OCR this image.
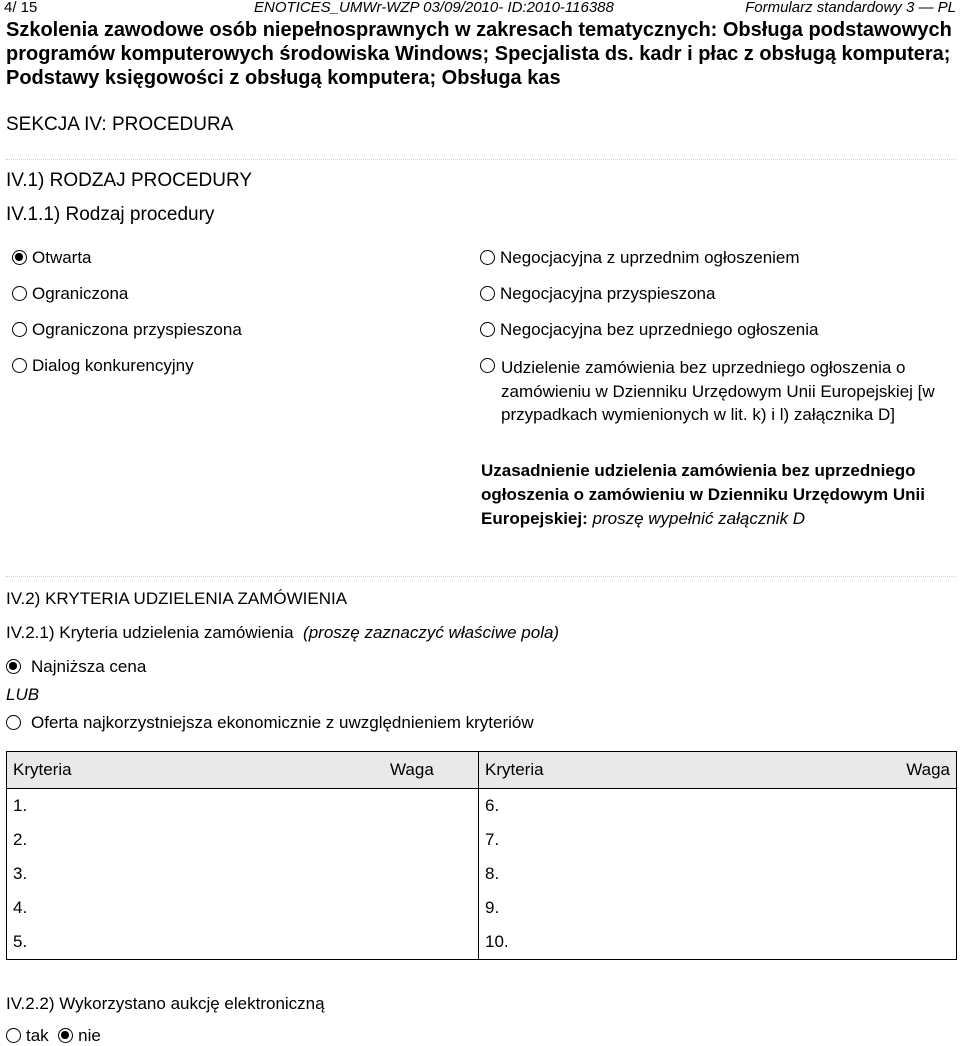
4/ 15	ENOTICES_UMWr-WZP 03/09/2010- ID:2010-116388	Formularz standardowy 3 — PL
Szkolenia zawodowe osób niepełnosprawnych w zakresach tematycznych: Obsługa podstawowych programów komputerowych środowiska Windows; Specjalista ds. kadr i płac z obsługą komputera; Podstawy księgowości z obsługą komputera; Obsługa kas
SEKCJA IV: PROCEDURA
IV.1) RODZAJ PROCEDURY
IV.1.1) Rodzaj procedury
Otwarta
Ograniczona
Ograniczona przyspieszona
Dialog konkurencyjny
Negocjacyjna z uprzednim ogłoszeniem
Negocjacyjna przyspieszona
Negocjacyjna bez uprzedniego ogłoszenia
Udzielenie zamówienia bez uprzedniego ogłoszenia o zamówieniu w Dzienniku Urzędowym Unii Europejskiej [w przypadkach wymienionych w lit. k) i l) załącznika D]
Uzasadnienie udzielenia zamówienia bez uprzedniego ogłoszenia o zamówieniu w Dzienniku Urzędowym Unii Europejskiej: proszę wypełnić załącznik D
IV.2) KRYTERIA UDZIELENIA ZAMÓWIENIA
IV.2.1) Kryteria udzielenia zamówienia (proszę zaznaczyć właściwe pola)
Najniższa cena
LUB
Oferta najkorzystniejsza ekonomicznie z uwzględnieniem kryteriów
Kryteria	Waga	Kryteria	Waga
1.		6.	
2.		7.	
3.		8.	
4.		9.	
5.		10.	
IV.2.2) Wykorzystano aukcję elektroniczną
tak nie
